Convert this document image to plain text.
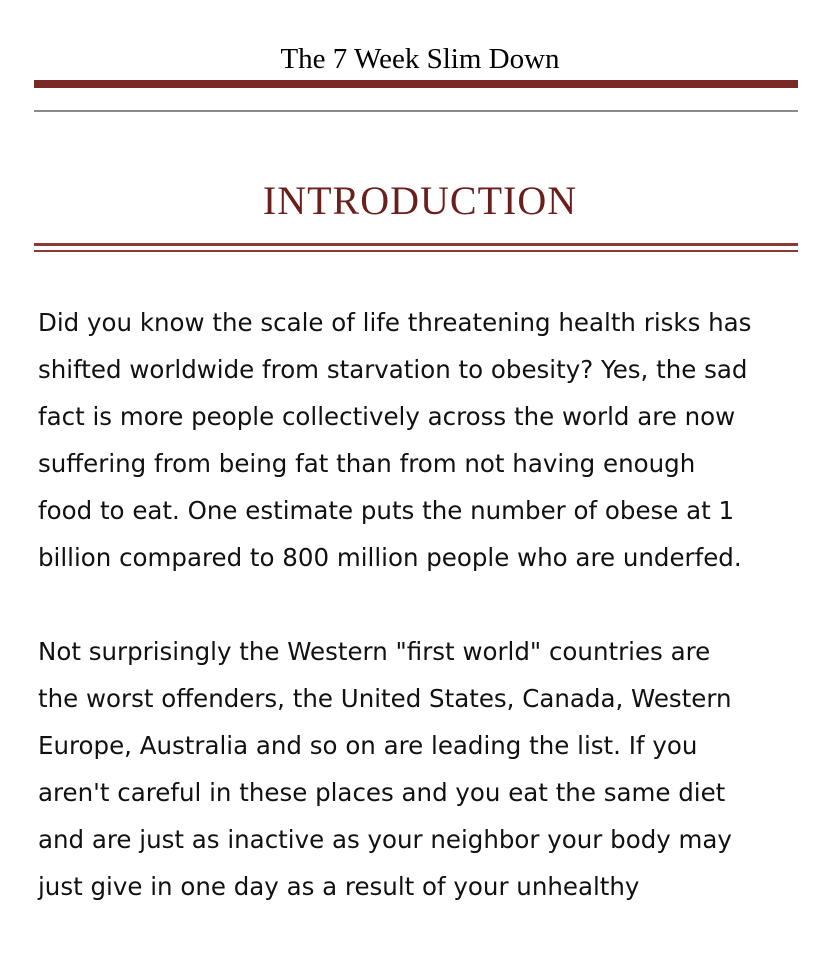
The 7 Week Slim Down
INTRODUCTION

Did you know the scale of life threatening health risks has
shifted worldwide from starvation to obesity? Yes, the sad
fact is more people collectively across the world are now
suffering from being fat than from not having enough
food to eat. One estimate puts the number of obese at 1
billion compared to 800 million people who are underfed.

Not surprisingly the Western "first world" countries are
the worst offenders, the United States, Canada, Western
Europe, Australia and so on are leading the list. If you
aren't careful in these places and you eat the same diet
and are just as inactive as your neighbor your body may
just give in one day as a result of your unhealthy
